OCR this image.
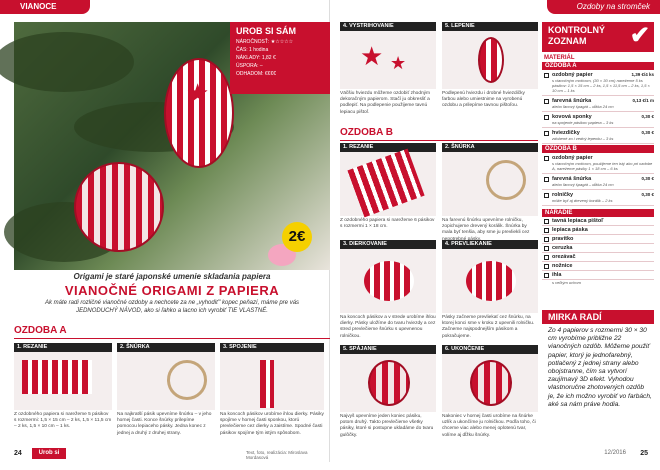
VIANOCE
★
UROB SI SÁM

NÁROČNOSŤ: ★☆☆☆☆

ČAS: 1 hodina

NÁKLADY: 1,82 €

ÚSPORA: –

ODHADOM: €€€€

2€
Origami je staré japonské umenie skladania papiera
VIANOČNÉ ORIGAMI Z PAPIERA
Ak máte radi rozličné vianočné ozdoby a nechcete za ne „vyhodiť" kopec peňazí, máme pre vás JEDNODUCHÝ NÁVOD, ako si ľahko a lacno ich vyrobiť TIE VLASTNÉ.
OZDOBA A
1. REZANIE
Z ozdobného papiera si narežeme 5 pásikov s rozmermi: 1,5 × 15 cm – 2 ks, 1,5 × 11,5 cm – 2 ks, 1,5 × 10 cm – 1 ks.
2. ŠNÚRKA
Na najkratší pásik upevníme šnúrku – v jeho hornej časti. Konce šnúrky prilepíme pomocou lepiaceho pásky. Jedna konec z jednej a druhý z druhej strany.
3. SPOJENIE
Na koncoch pásikov urobíme ihlou dierky. Pásiky spojíme v hornej časti sponkou, ktorú prevlečieme cez dierky a zaistíme. Spodné časti pásikov spojíme tým istým spôsobom.
24	Urob si sám
Text, foto, realizácia: Miroslava Mordasová
Ozdoby na stromček
4. VYSTRIHOVANIE
★ ★
Väčšiu hviezdu môžeme ozdobiť zhodným dekoračným papierom. Stačí ju obkresliť a podlepiť. Na podlepenie použijeme tavnú lepiacu pištoľ.
5. LEPENIE
Podlepenú hviezdu i drobné hviezdičky farbou alebo umiestnime na vyrobenú ozdobu a prilepíme tavnou pištoľou.
OZDOBA B
1. REZANIE
Z ozdobného papiera si narežeme 6 pásikov s rozmermi 1 × 18 cm.
2. ŠNÚRKA
Na farevnú šnúrku upevníme rolničku, zopichujeme drevený korálik. Šnúrka by mala byť tenšia, aby sme ju prevliekli cez
3. DIERKOVANIE
Na koncoch pásikov a v strede urobíme ihlou dierky. Pásky uložíme do tvaru hviezdy a cez stred prevlečieme šnúrku s upevnenou rolničkou.
4. PREVLIEKANIE
Pásky začneme prevliekať cez šnúrku, na ktorej konci sme v kroku 2 upevnili rolničku. Začneme najspodnejším pásikom a pokračujeme.
5. SPÁJANIE
Najvyš upevníme jeden koniec pásiku, potom druhý. Takto prevlečieme všetky pásiky, ktoré si postupne ukladáme do tvaru gulôčky.
6. UKONČENIE
Nakoniec v hornej časti urobíme na šnúrke uzlík a ukončíme ju rolničkou. Podľa toho, či chceme viac alebo menej oplotenú tvar, volíme aj dĺžku šnúrky.
KONTROLNÝ
ZOZNAM	✔
MATERIÁL
OZDOBA A
ozdobný papier	1,39 €/4 ks
s vianočným motívom, (30 × 30 cm) narežeme 5 ks pásikov: 1,5 × 15 cm – 2 ks, 1,5 × 11,5 cm – 2 ks, 1,5 × 10 cm – 1 ks
farevná šnúrka	0,13 €/1 m
alebo ľanový špagát – dĺžka 24 cm
kovová sponky	0,30 €
na spojenie pásikov papiera – 3 ks
hviezdičky	0,30 €
zdobené zo i vedný lepenku – 3 ks
OZDOBA B
ozdobný papier
s vianočným motívom, použijeme ten istý ako pri ozdobe A, narežeme pásiky 1 × 18 cm – 6 ks
farevná šnúrka	0,30 €
alebo ľanový špagát – dĺžka 24 cm
rolničky	0,30 €
môže byť aj drevený korálik – 2 ks
NÁRADIE
tavná lepiaca pištoľ
lepiaca páska
pravítko
ceruzka
orezávač
nožnice
ihla
s veľkým uchom
MIRKA RADÍ
Zo 4 papierov s rozmermi 30 × 30 cm vyrobíme približne 22 vianočných ozdôb. Môžeme použiť papier, ktorý je jednofarebný, potlačený z jednej strany alebo obojstranne, čím sa vytvorí zaujímavý 3D efekt. Vyhodou vlastnoručne zhotovených ozdôb je, že ich možno vyrobiť vo farbách, aké sa nám práve hodia.
12/2016 25
